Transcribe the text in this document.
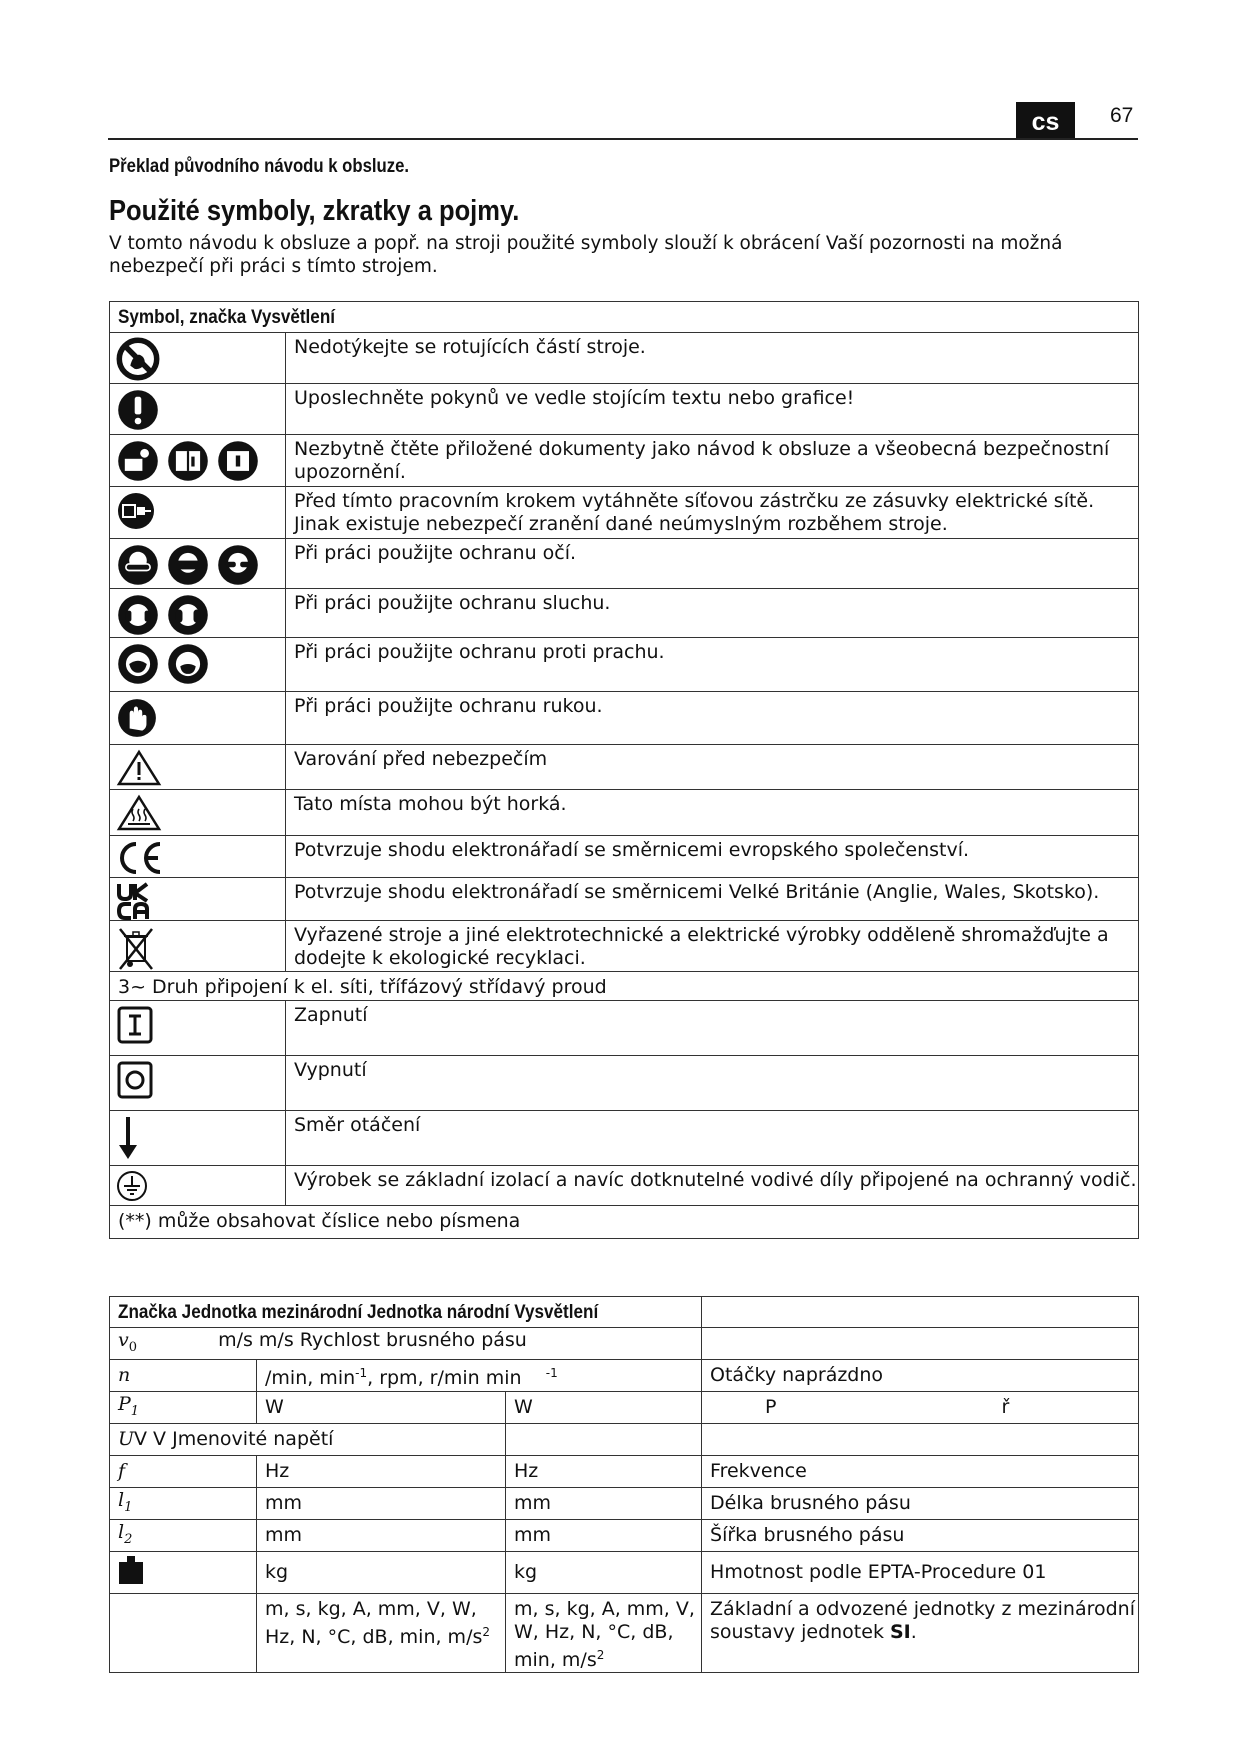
cs	67
Překlad původního návodu k obsluze.
Použité symboly, zkratky a pojmy.
V tomto návodu k obsluze a popř. na stroji použité symboly slouží k obrácení Vaší pozornosti na možná nebezpečí při práci s tímto strojem.
Symbol, značka Vysvětlení	

	Nedotýkejte se rotujících částí stroje.

	Uposlechněte pokynů ve vedle stojícím textu nebo grafice!

	Nezbytně čtěte přiložené dokumenty jako návod k obsluze a všeobecná bezpečnostní upozornění.

	Před tímto pracovním krokem vytáhněte síťovou zástrčku ze zásuvky elektrické sítě. Jinak existuje nebezpečí zranění dané neúmyslným rozběhem stroje.

	Při práci použijte ochranu očí.

	Při práci použijte ochranu sluchu.

	Při práci použijte ochranu proti prachu.

	Při práci použijte ochranu rukou.

	Varování před nebezpečím

	Tato místa mohou být horká.

	Potvrzuje shodu elektronářadí se směrnicemi evropského společenství.

	Potvrzuje shodu elektronářadí se směrnicemi Velké Británie (Anglie, Wales, Skotsko).

	Vyřazené stroje a jiné elektrotechnické a elektrické výrobky odděleně shromažďujte a dodejte k ekologické recyklaci.
3~ Druh připojení k el. síti, třífázový střídavý proud	

	Zapnutí

	Vypnutí

	Směr otáčení

	Výrobek se základní izolací a navíc dotknutelné vodivé díly připojené na ochranný vodič.
(**) může obsahovat číslice nebo písmena	
Značka Jednotka mezinárodní Jednotka národní Vysvětlení			
$v_0$ m/s m/s Rychlost brusného pásu			
n	/min, $\min^{-1}$, rpm, r/min min $^{-1}$		Otáčky naprázdno
$P_1$	W	W	P ř
UV V Jmenovité napětí			
f	Hz	Hz	Frekvence
$l_1$	mm	mm	Délka brusného pásu
$l_2$	mm	mm	Šířka brusného pásu
	kg	kg	Hmotnost podle EPTA-Procedure 01
	m, s, kg, A, mm, V, W, Hz, N, °C, dB, min, $m/s^2$	m, s, kg, A, mm, V, W, Hz, N, °C, dB, min, $m/s^2$	Základní a odvozené jednotky z mezinárodní soustavy jednotek SI.
